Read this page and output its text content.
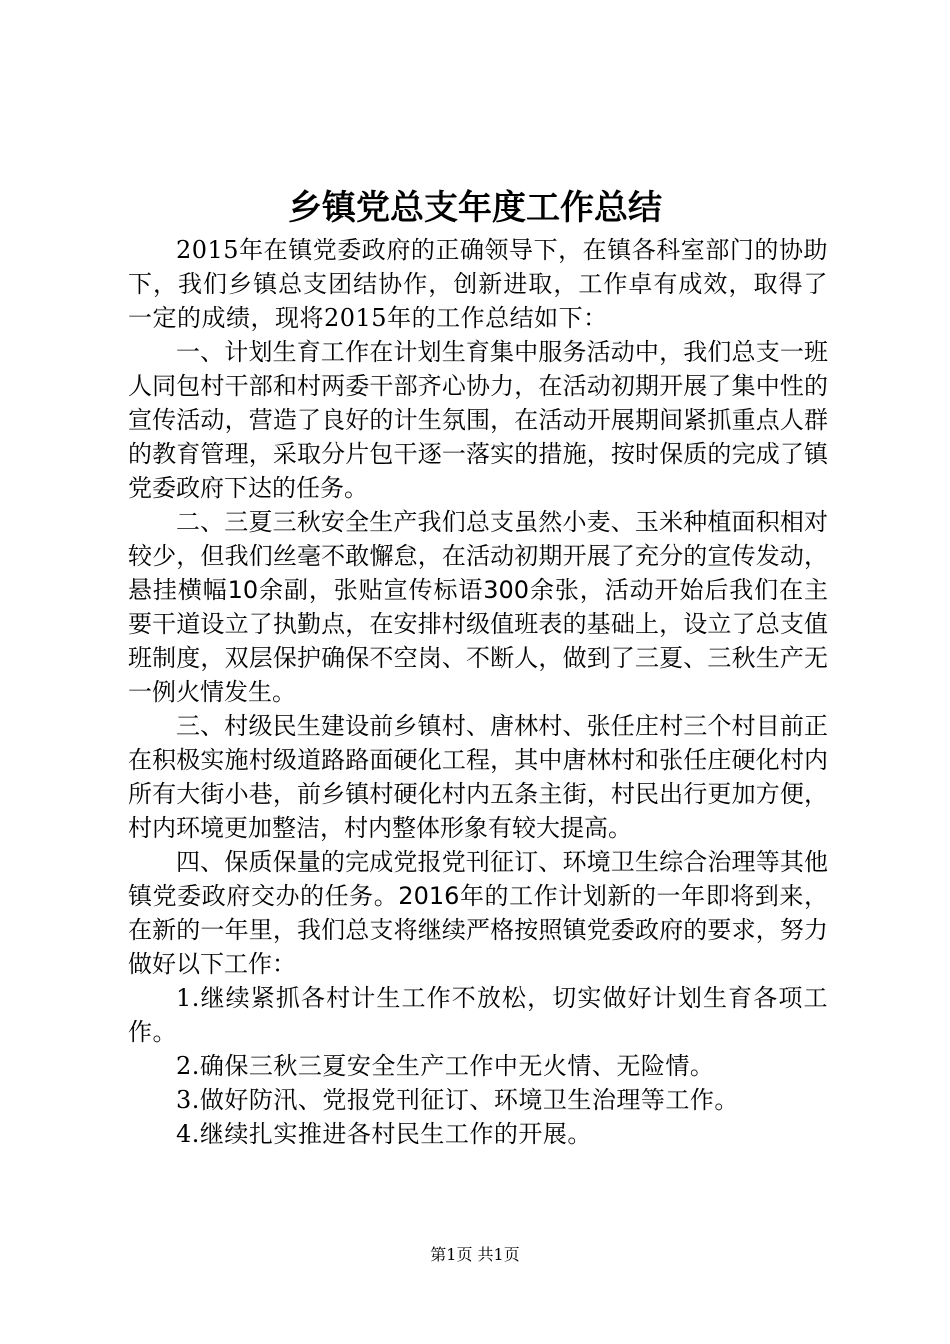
乡镇党总支年度工作总结

2015年在镇党委政府的正确领导下，在镇各科室部门的协助下，我们乡镇总支团结协作，创新进取，工作卓有成效，取得了一定的成绩，现将2015年的工作总结如下：

一、计划生育工作在计划生育集中服务活动中，我们总支一班人同包村干部和村两委干部齐心协力，在活动初期开展了集中性的宣传活动，营造了良好的计生氛围，在活动开展期间紧抓重点人群的教育管理，采取分片包干逐一落实的措施，按时保质的完成了镇党委政府下达的任务。

二、三夏三秋安全生产我们总支虽然小麦、玉米种植面积相对较少，但我们丝毫不敢懈怠，在活动初期开展了充分的宣传发动，悬挂横幅10余副，张贴宣传标语300余张，活动开始后我们在主要干道设立了执勤点，在安排村级值班表的基础上，设立了总支值班制度，双层保护确保不空岗、不断人，做到了三夏、三秋生产无一例火情发生。

三、村级民生建设前乡镇村、唐林村、张任庄村三个村目前正在积极实施村级道路路面硬化工程，其中唐林村和张任庄硬化村内所有大街小巷，前乡镇村硬化村内五条主街，村民出行更加方便，村内环境更加整洁，村内整体形象有较大提高。

四、保质保量的完成党报党刊征订、环境卫生综合治理等其他镇党委政府交办的任务。2016年的工作计划新的一年即将到来，在新的一年里，我们总支将继续严格按照镇党委政府的要求，努力做好以下工作：

1.继续紧抓各村计生工作不放松，切实做好计划生育各项工作。

2.确保三秋三夏安全生产工作中无火情、无险情。

3.做好防汛、党报党刊征订、环境卫生治理等工作。

4.继续扎实推进各村民生工作的开展。

第1页 共1页
